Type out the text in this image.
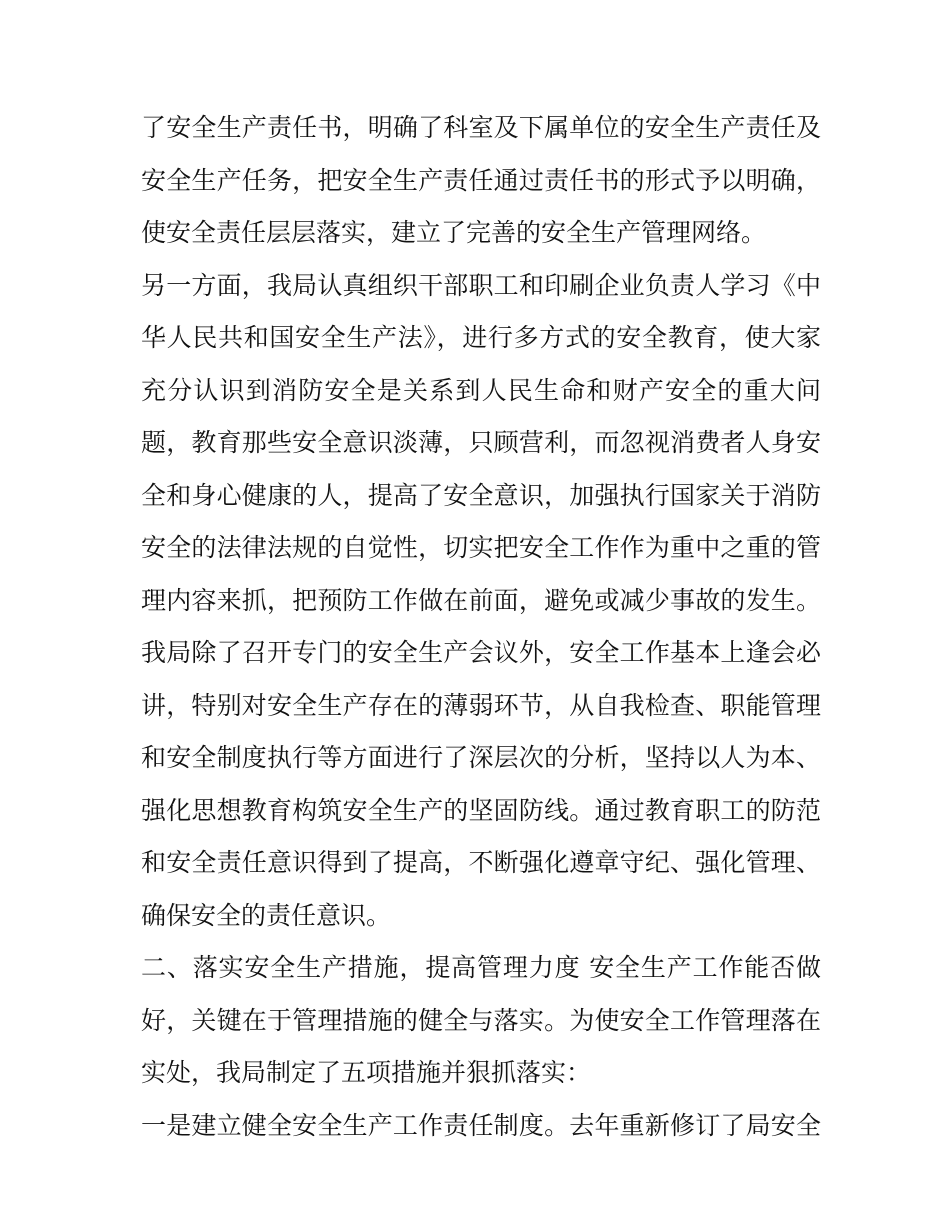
了安全生产责任书，明确了科室及下属单位的安全生产责任及
安全生产任务，把安全生产责任通过责任书的形式予以明确，
使安全责任层层落实，建立了完善的安全生产管理网络。
另一方面，我局认真组织干部职工和印刷企业负责人学习《中
华人民共和国安全生产法》，进行多方式的安全教育，使大家
充分认识到消防安全是关系到人民生命和财产安全的重大问
题，教育那些安全意识淡薄，只顾营利，而忽视消费者人身安
全和身心健康的人，提高了安全意识，加强执行国家关于消防
安全的法律法规的自觉性，切实把安全工作作为重中之重的管
理内容来抓，把预防工作做在前面，避免或减少事故的发生。
我局除了召开专门的安全生产会议外，安全工作基本上逢会必
讲，特别对安全生产存在的薄弱环节，从自我检查、职能管理
和安全制度执行等方面进行了深层次的分析，坚持以人为本、
强化思想教育构筑安全生产的坚固防线。通过教育职工的防范
和安全责任意识得到了提高，不断强化遵章守纪、强化管理、
确保安全的责任意识。
二、落实安全生产措施，提高管理力度 安全生产工作能否做
好，关键在于管理措施的健全与落实。为使安全工作管理落在
实处，我局制定了五项措施并狠抓落实：
一是建立健全安全生产工作责任制度。去年重新修订了局安全
